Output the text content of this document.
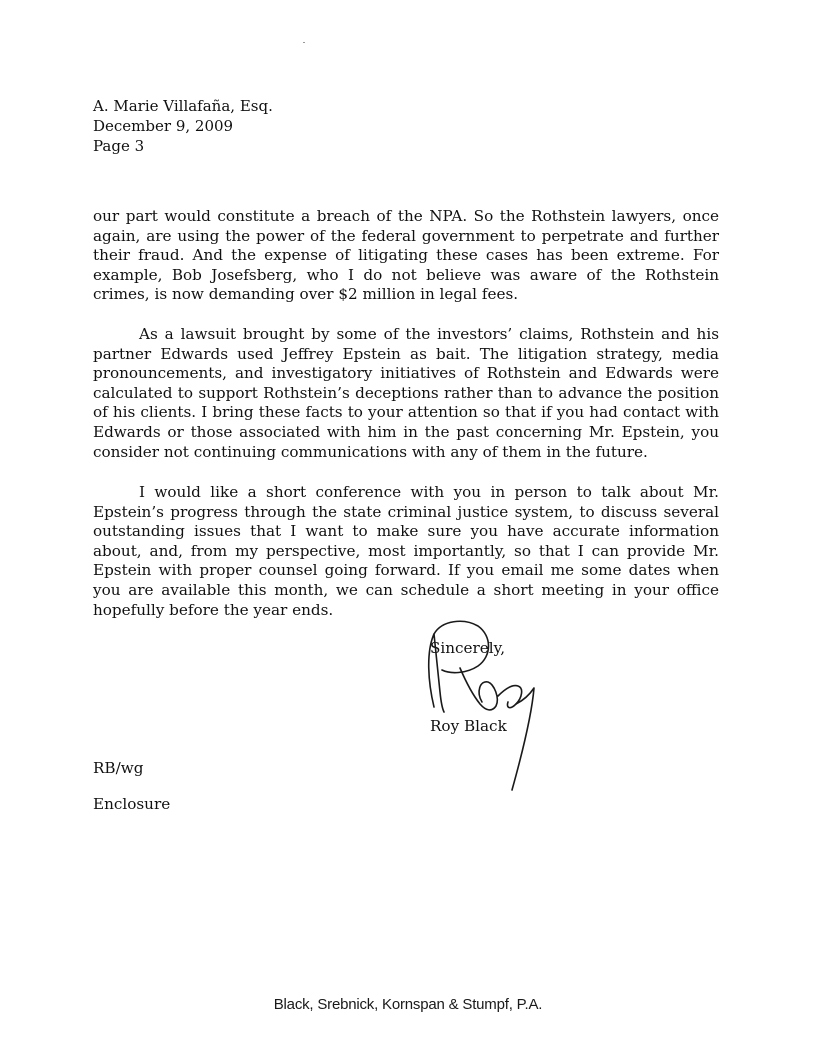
A. Marie Villafaña, Esq.
December 9, 2009
Page 3

our part would constitute a breach of the NPA. So the Rothstein lawyers, once again, are using the power of the federal government to perpetrate and further their fraud. And the expense of litigating these cases has been extreme. For example, Bob Josefsberg, who I do not believe was aware of the Rothstein crimes, is now demanding over $2 million in legal fees.

As a lawsuit brought by some of the investors’ claims, Rothstein and his partner Edwards used Jeffrey Epstein as bait. The litigation strategy, media pronouncements, and investigatory initiatives of Rothstein and Edwards were calculated to support Rothstein’s deceptions rather than to advance the position of his clients. I bring these facts to your attention so that if you had contact with Edwards or those associated with him in the past concerning Mr. Epstein, you consider not continuing communications with any of them in the future.

I would like a short conference with you in person to talk about Mr. Epstein’s progress through the state criminal justice system, to discuss several outstanding issues that I want to make sure you have accurate information about, and, from my perspective, most importantly, so that I can provide Mr. Epstein with proper counsel going forward. If you email me some dates when you are available this month, we can schedule a short meeting in your office hopefully before the year ends.

Sincerely,
Roy
Roy Black
RB/wg
Enclosure
Black, Srebnick, Kornspan & Stumpf, P.A.
